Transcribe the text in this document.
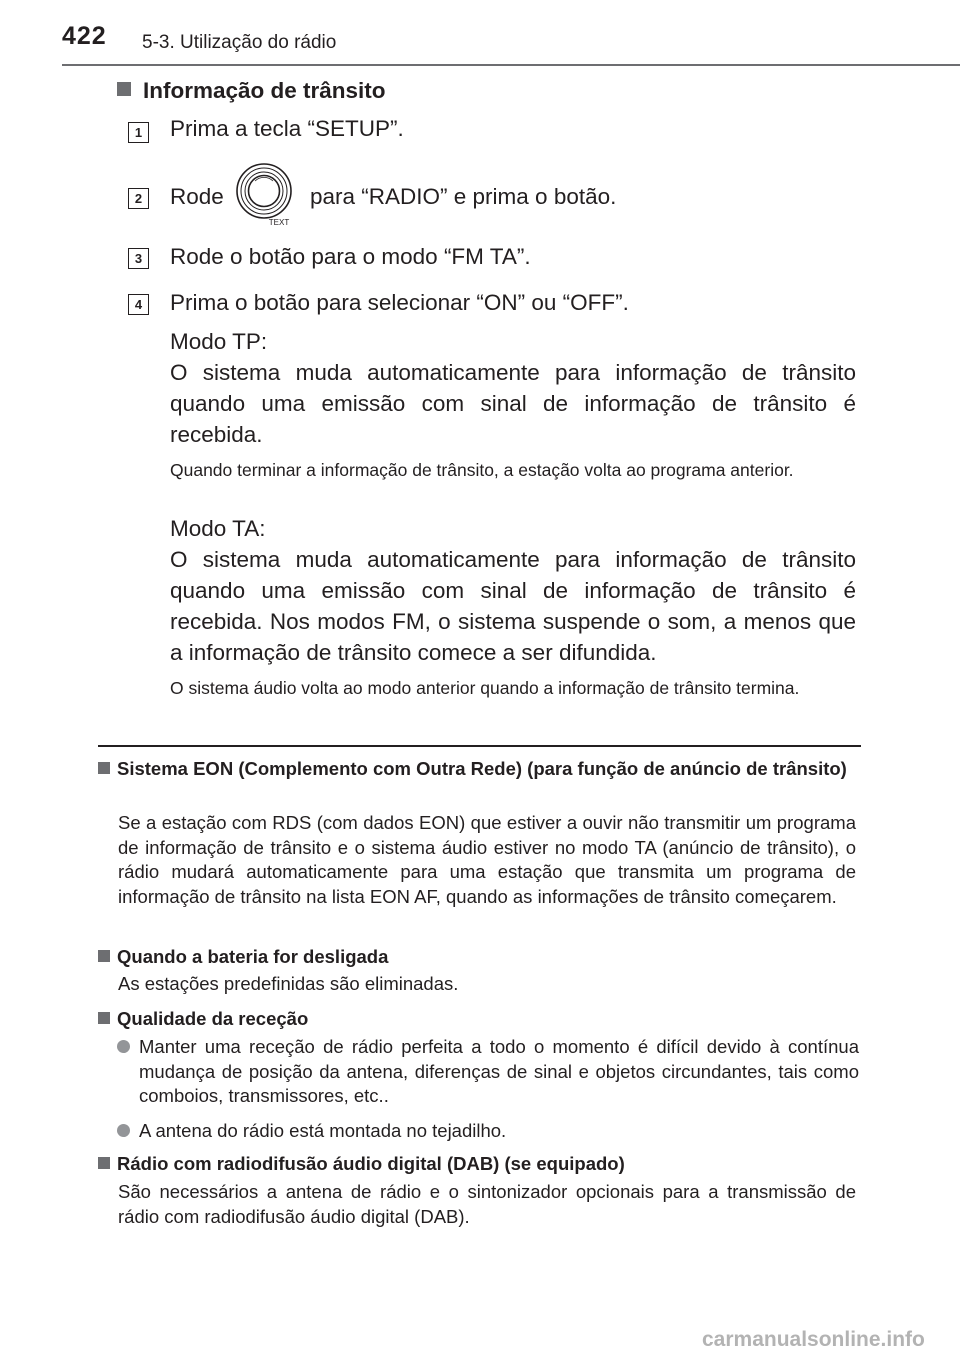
422 5-3. Utilização do rádio
Informação de trânsito
1	Prima a tecla “SETUP”.
2	Rode
TEXT
para “RADIO” e prima o botão.
3	Rode o botão para o modo “FM TA”.
4	Prima o botão para selecionar “ON” ou “OFF”.
Modo TP:
O sistema muda automaticamente para informação de trânsito quando uma emissão com sinal de informação de trânsito é recebida.
Quando terminar a informação de trânsito, a estação volta ao programa anterior.
Modo TA:
O sistema muda automaticamente para informação de trânsito quando uma emissão com sinal de informação de trânsito é recebida. Nos modos FM, o sistema suspende o som, a menos que a informação de trânsito comece a ser difundida.
O sistema áudio volta ao modo anterior quando a informação de trânsito termina.
Sistema EON (Complemento com Outra Rede) (para função de anúncio de trânsito)
Se a estação com RDS (com dados EON) que estiver a ouvir não transmitir um programa de informação de trânsito e o sistema áudio estiver no modo TA (anúncio de trânsito), o rádio mudará automaticamente para uma estação que transmita um programa de informação de trânsito na lista EON AF, quando as informações de trânsito começarem.
Quando a bateria for desligada
As estações predefinidas são eliminadas.
Qualidade da receção
Manter uma receção de rádio perfeita a todo o momento é difícil devido à contínua mudança de posição da antena, diferenças de sinal e objetos circundantes, tais como comboios, transmissores, etc..
A antena do rádio está montada no tejadilho.
Rádio com radiodifusão áudio digital (DAB) (se equipado)
São necessários a antena de rádio e o sintonizador opcionais para a transmissão de rádio com radiodifusão áudio digital (DAB).
carmanualsonline.info
